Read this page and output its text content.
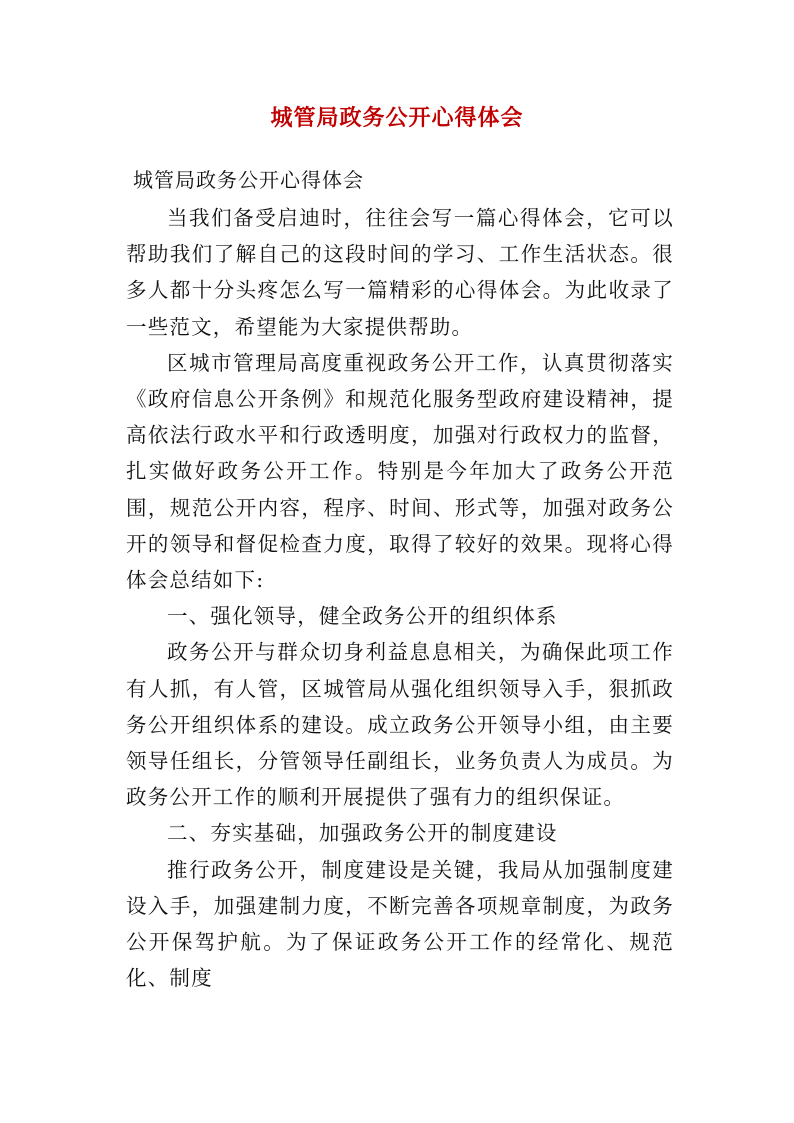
城管局政务公开心得体会
城管局政务公开心得体会

当我们备受启迪时，往往会写一篇心得体会，它可以帮助我们了解自己的这段时间的学习、工作生活状态。很多人都十分头疼怎么写一篇精彩的心得体会。为此收录了一些范文，希望能为大家提供帮助。

区城市管理局高度重视政务公开工作，认真贯彻落实《政府信息公开条例》和规范化服务型政府建设精神，提高依法行政水平和行政透明度，加强对行政权力的监督，扎实做好政务公开工作。特别是今年加大了政务公开范围，规范公开内容，程序、时间、形式等，加强对政务公开的领导和督促检查力度，取得了较好的效果。现将心得体会总结如下:

一、强化领导，健全政务公开的组织体系

政务公开与群众切身利益息息相关，为确保此项工作有人抓，有人管，区城管局从强化组织领导入手，狠抓政务公开组织体系的建设。成立政务公开领导小组，由主要领导任组长，分管领导任副组长，业务负责人为成员。为政务公开工作的顺利开展提供了强有力的组织保证。

二、夯实基础，加强政务公开的制度建设

推行政务公开，制度建设是关键，我局从加强制度建设入手，加强建制力度，不断完善各项规章制度，为政务公开保驾护航。为了保证政务公开工作的经常化、规范化、制度
